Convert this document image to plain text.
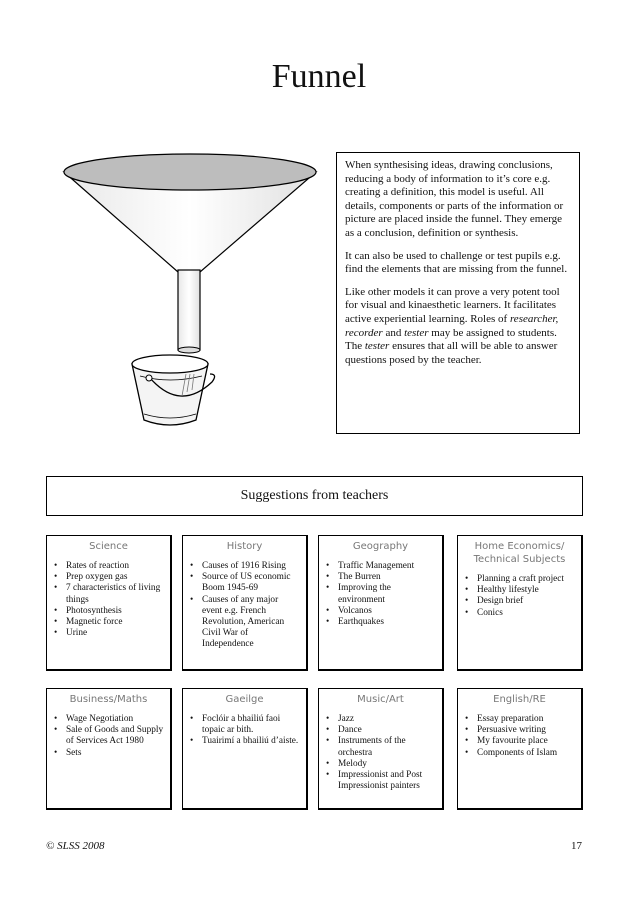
Funnel

When synthesising ideas, drawing conclusions, reducing a body of information to it’s core e.g. creating a definition, this model is useful. All details, components or parts of the information or picture are placed inside the funnel. They emerge as a conclusion, definition or synthesis.

It can also be used to challenge or test pupils e.g. find the elements that are missing from the funnel.

Like other models it can prove a very potent tool for visual and kinaesthetic learners. It facilitates active experiential learning. Roles of researcher, recorder and tester may be assigned to students. The tester ensures that all will be able to answer questions posed by the teacher.

Suggestions from teachers
Science
• Rates of reaction
• Prep oxygen gas
• 7 characteristics of living things
• Photosynthesis
• Magnetic force
• Urine
History
• Causes of 1916 Rising
• Source of US economic Boom 1945-69
• Causes of any major event e.g. French Revolution, American Civil War of Independence
Geography
• Traffic Management
• The Burren
• Improving the environment
• Volcanos
• Earthquakes
Home Economics/ Technical Subjects
• Planning a craft project
• Healthy lifestyle
• Design brief
• Conics
Business/Maths
• Wage Negotiation
• Sale of Goods and Supply of Services Act 1980
• Sets
Gaeilge
• Foclóir a bhailiú faoi topaic ar bith.
• Tuairimí a bhailiú d’aiste.
Music/Art
• Jazz
• Dance
• Instruments of the orchestra
• Melody
• Impressionist and Post Impressionist painters
English/RE
• Essay preparation
• Persuasive writing
• My favourite place
• Components of Islam
© SLSS 2008	17
